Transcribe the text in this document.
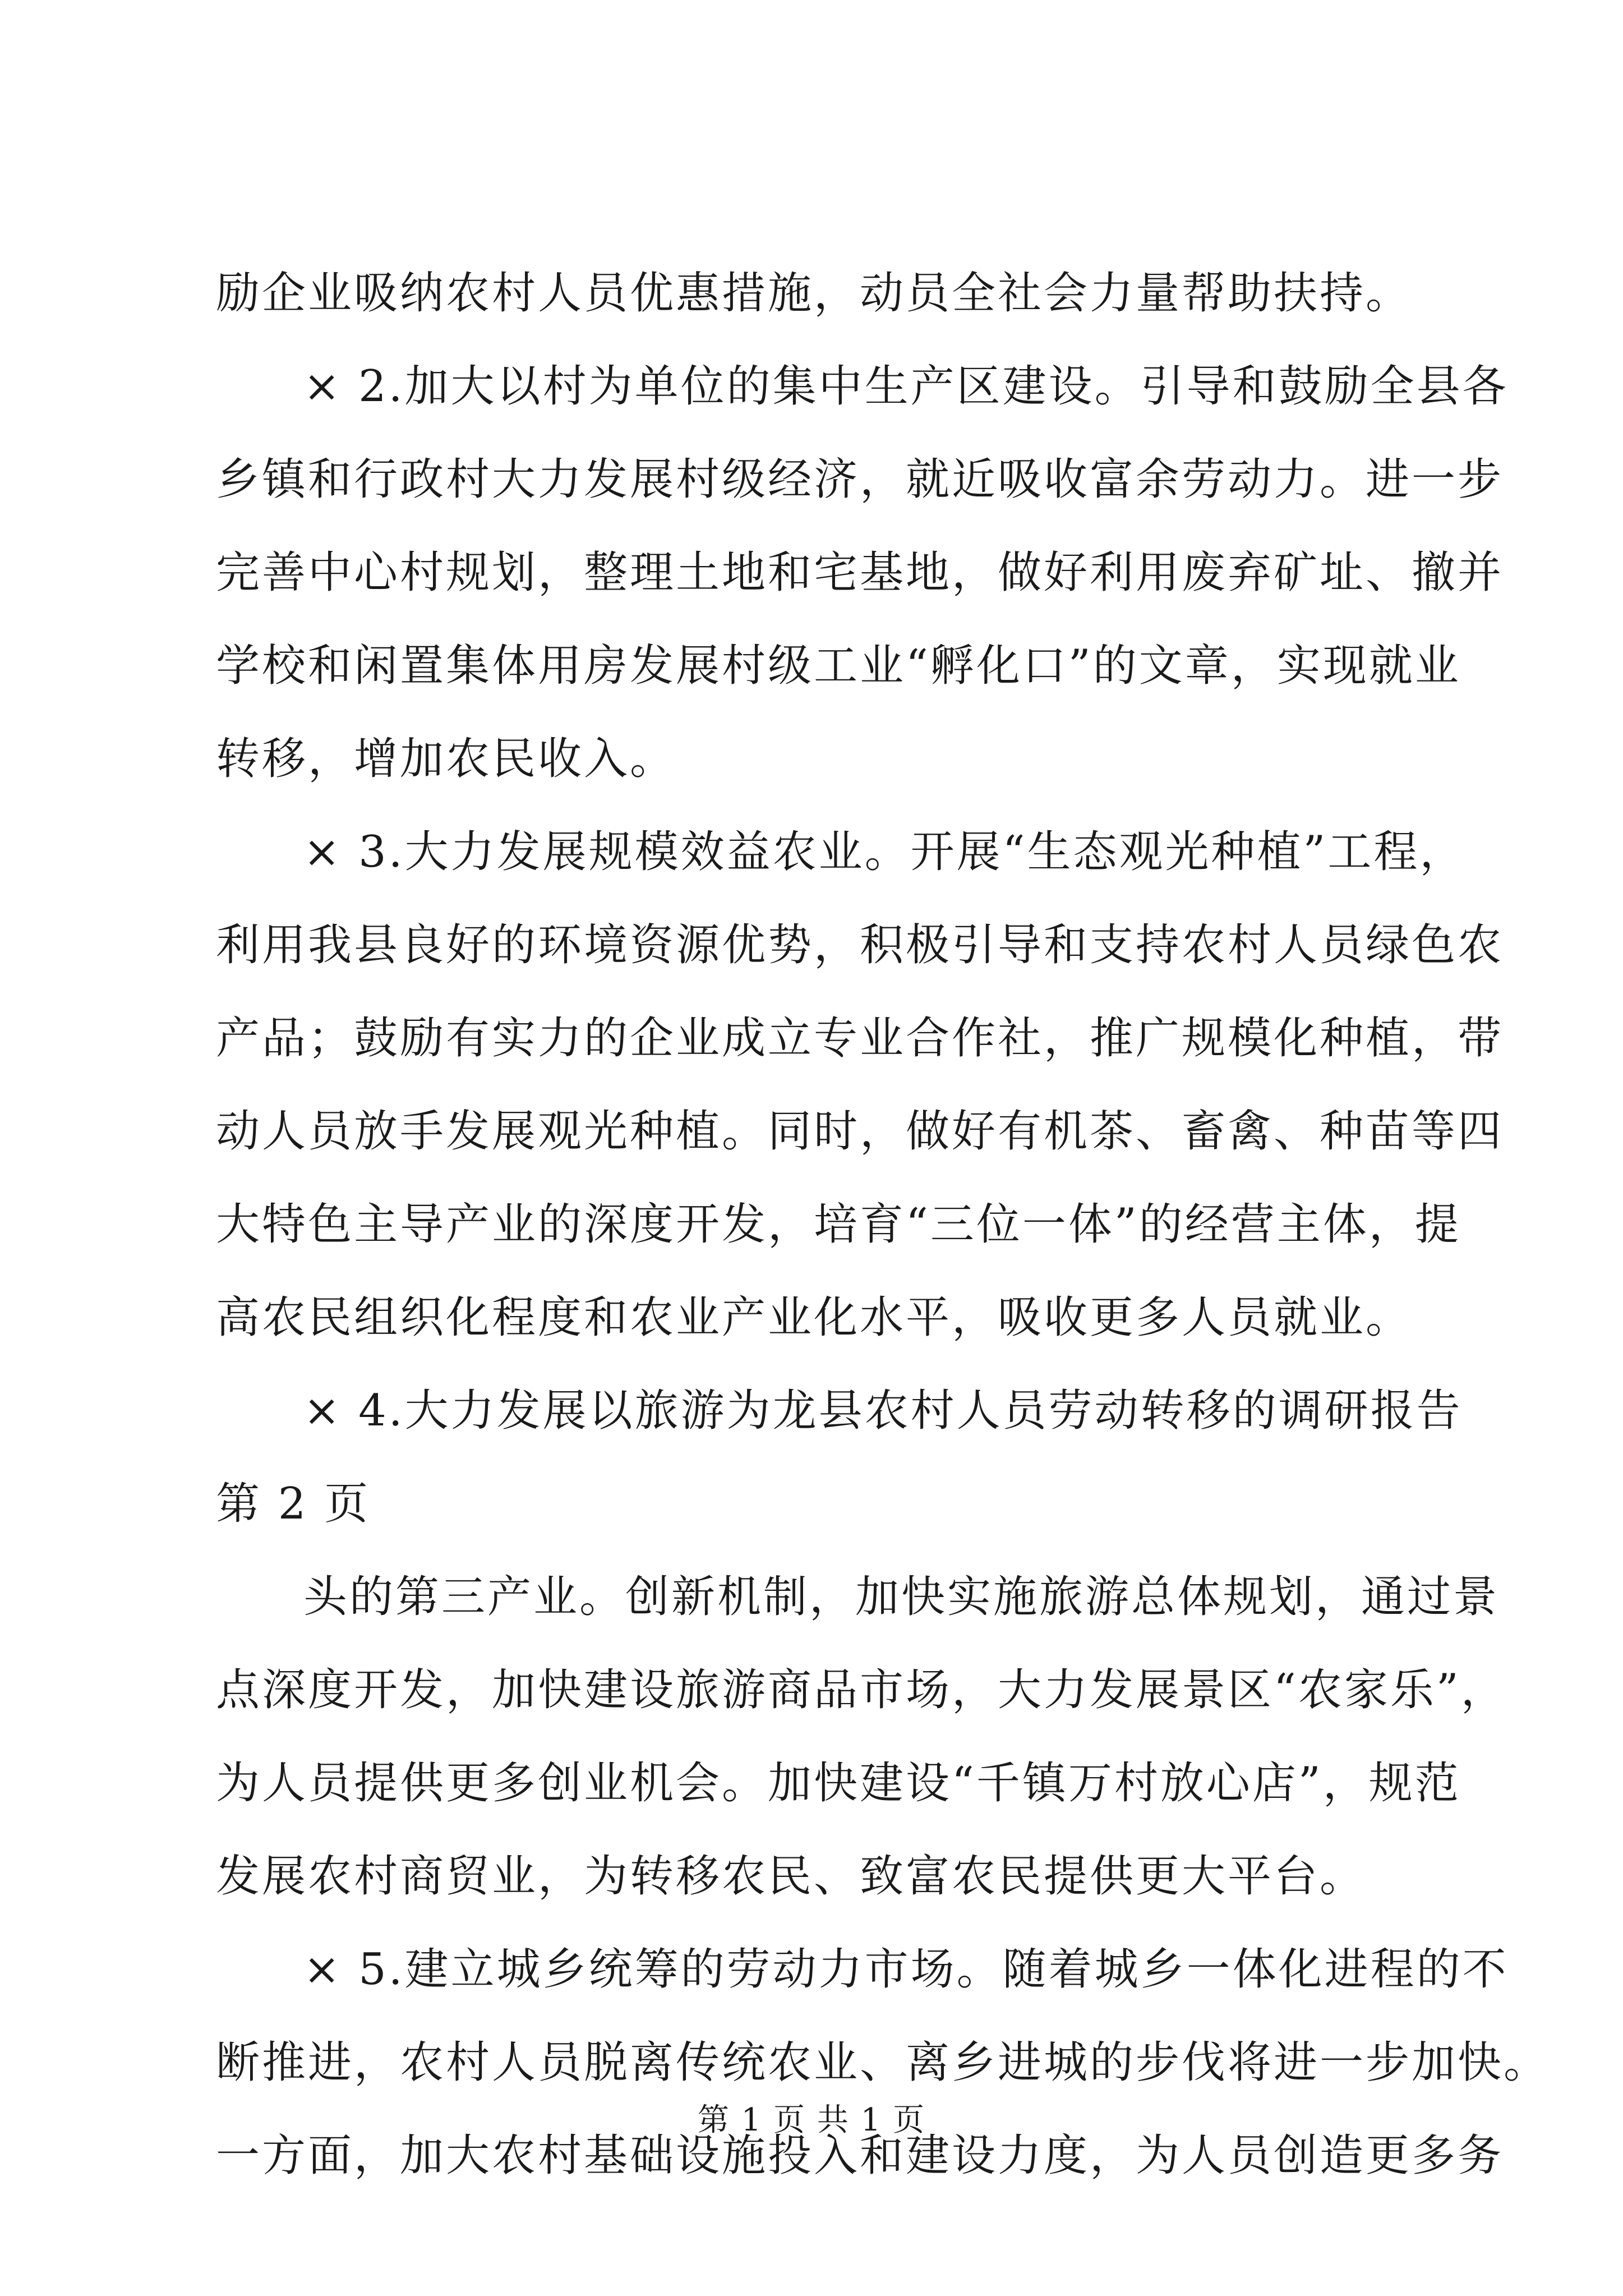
励企业吸纳农村人员优惠措施，动员全社会力量帮助扶持。
× 2.加大以村为单位的集中生产区建设。引导和鼓励全县各
乡镇和行政村大力发展村级经济，就近吸收富余劳动力。进一步
完善中心村规划，整理土地和宅基地，做好利用废弃矿址、撤并
学校和闲置集体用房发展村级工业“孵化口”的文章，实现就业
转移，增加农民收入。
× 3.大力发展规模效益农业。开展“生态观光种植”工程，
利用我县良好的环境资源优势，积极引导和支持农村人员绿色农
产品；鼓励有实力的企业成立专业合作社，推广规模化种植，带
动人员放手发展观光种植。同时，做好有机茶、畜禽、种苗等四
大特色主导产业的深度开发，培育“三位一体”的经营主体，提
高农民组织化程度和农业产业化水平，吸收更多人员就业。
× 4.大力发展以旅游为龙县农村人员劳动转移的调研报告
第 2 页
头的第三产业。创新机制，加快实施旅游总体规划，通过景
点深度开发，加快建设旅游商品市场，大力发展景区“农家乐”，
为人员提供更多创业机会。加快建设“千镇万村放心店”，规范
发展农村商贸业，为转移农民、致富农民提供更大平台。
× 5.建立城乡统筹的劳动力市场。随着城乡一体化进程的不
断推进，农村人员脱离传统农业、离乡进城的步伐将进一步加快。
一方面，加大农村基础设施投入和建设力度，为人员创造更多务
第 1 页 共 1 页
